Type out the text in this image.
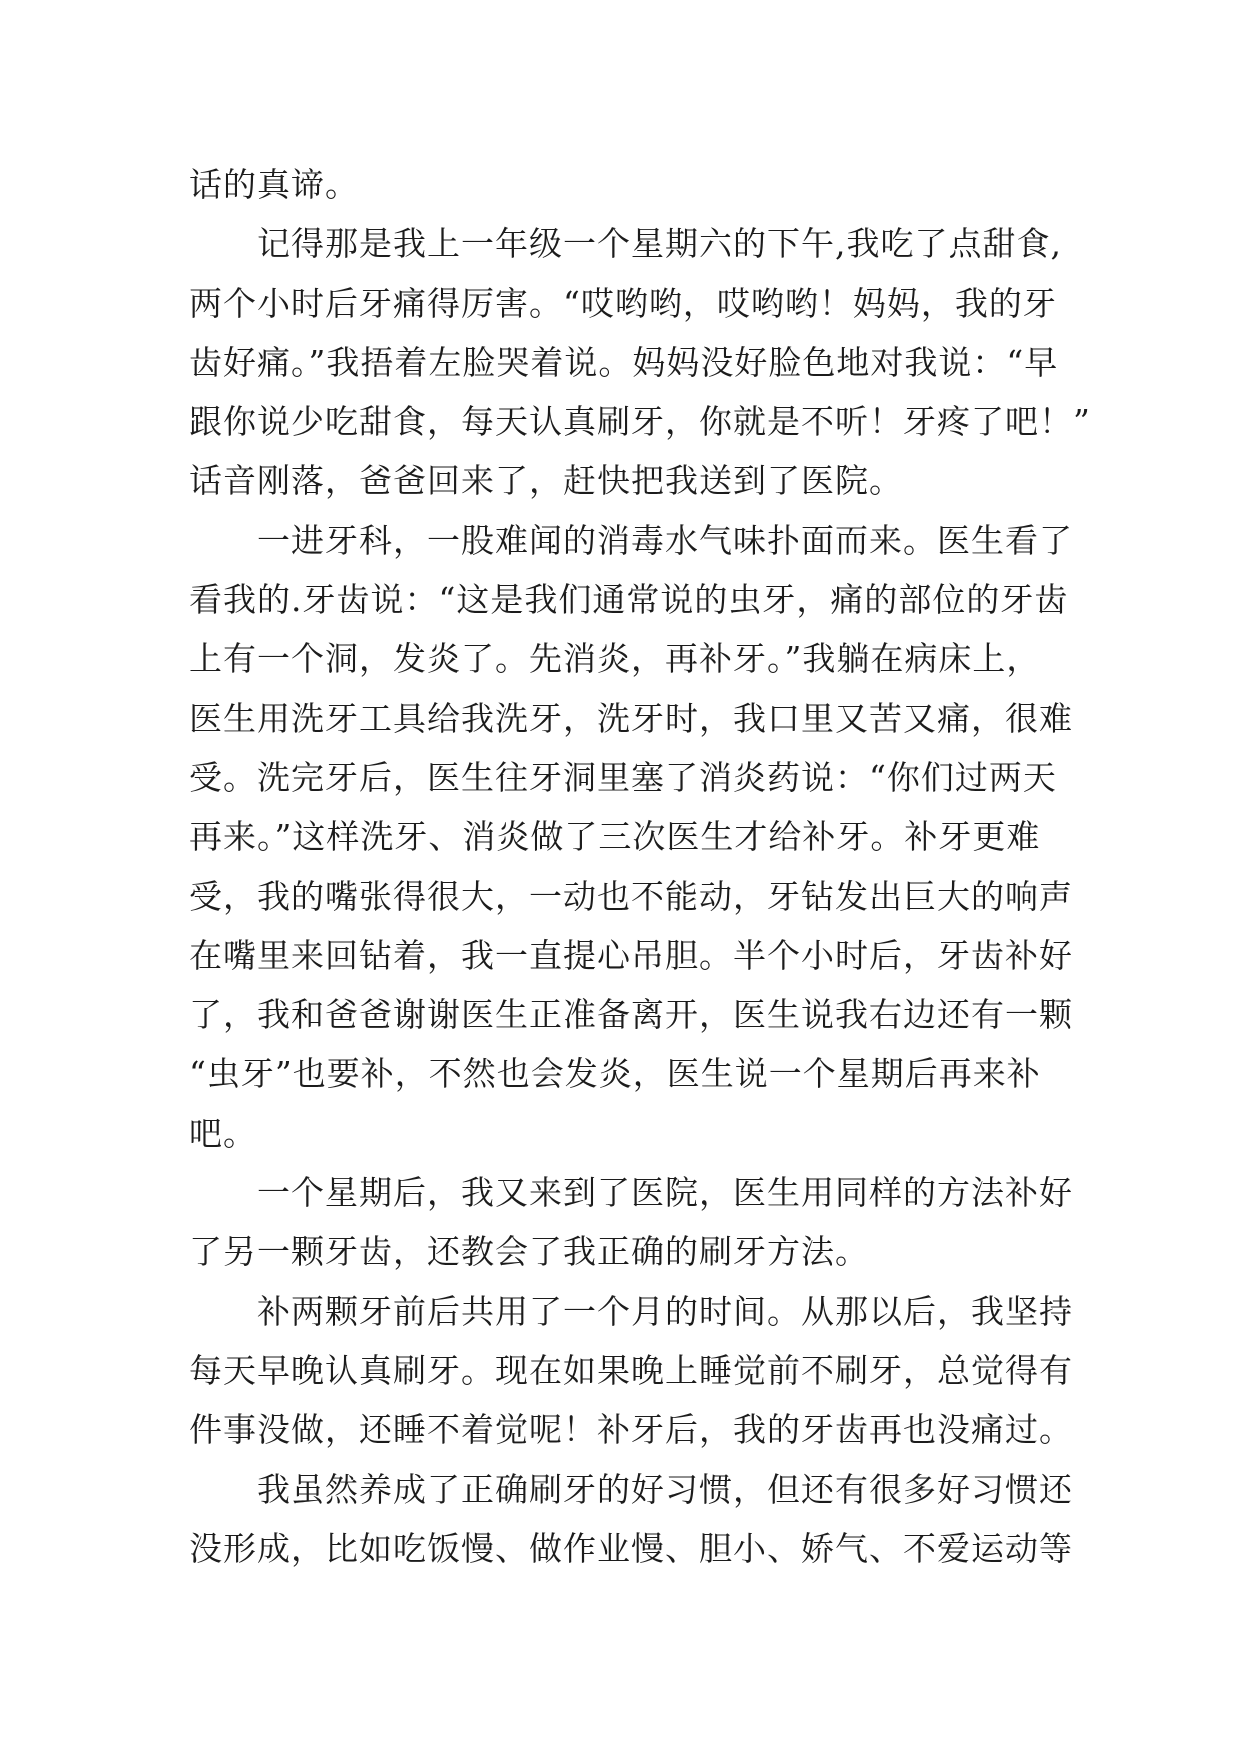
话的真谛。
记得那是我上一年级一个星期六的下午,我吃了点甜食,
两个小时后牙痛得厉害。“哎哟哟，哎哟哟！妈妈，我的牙
齿好痛。”我捂着左脸哭着说。妈妈没好脸色地对我说：“早
跟你说少吃甜食，每天认真刷牙，你就是不听！牙疼了吧！”
话音刚落，爸爸回来了，赶快把我送到了医院。
一进牙科，一股难闻的消毒水气味扑面而来。医生看了
看我的.牙齿说：“这是我们通常说的虫牙，痛的部位的牙齿
上有一个洞，发炎了。先消炎，再补牙。”我躺在病床上，
医生用洗牙工具给我洗牙，洗牙时，我口里又苦又痛，很难
受。洗完牙后，医生往牙洞里塞了消炎药说：“你们过两天
再来。”这样洗牙、消炎做了三次医生才给补牙。补牙更难
受，我的嘴张得很大，一动也不能动，牙钻发出巨大的响声
在嘴里来回钻着，我一直提心吊胆。半个小时后，牙齿补好
了，我和爸爸谢谢医生正准备离开，医生说我右边还有一颗
“虫牙”也要补，不然也会发炎，医生说一个星期后再来补
吧。
一个星期后，我又来到了医院，医生用同样的方法补好
了另一颗牙齿，还教会了我正确的刷牙方法。
补两颗牙前后共用了一个月的时间。从那以后，我坚持
每天早晚认真刷牙。现在如果晚上睡觉前不刷牙，总觉得有
件事没做，还睡不着觉呢！补牙后，我的牙齿再也没痛过。
我虽然养成了正确刷牙的好习惯，但还有很多好习惯还
没形成，比如吃饭慢、做作业慢、胆小、娇气、不爱运动等
